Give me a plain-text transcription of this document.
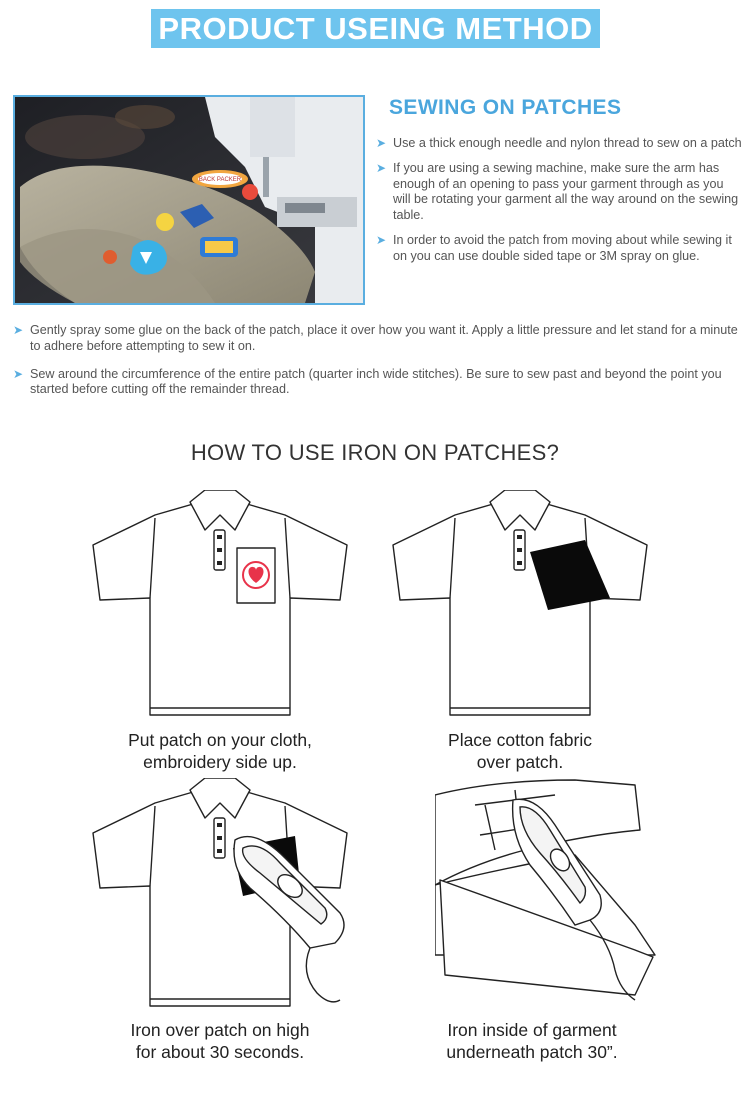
PRODUCT USEING METHOD
BACK PACKER
SEWING ON PATCHES
➤ Use a thick enough needle and nylon thread to sew on a patch
➤ If you are using a sewing machine, make sure the arm has enough of an opening to pass your garment through as you will be rotating your garment all the way around on the sewing table.
➤ In order to avoid the patch from moving about while sewing it on you can use double sided tape or 3M spray on glue.
➤ Gently spray some glue on the back of the patch, place it over how you want it. Apply a little pressure and let stand for a minute to adhere before attempting to sew it on.
➤ Sew around the circumference of the entire patch (quarter inch wide stitches). Be sure to sew past and beyond the point you started before cutting off the remainder thread.
HOW TO USE IRON ON PATCHES?
Put patch on your cloth,
embroidery side up.
Place cotton fabric
over patch.
Iron over patch on high
for about 30 seconds.
Iron inside of garment
underneath patch 30”.
